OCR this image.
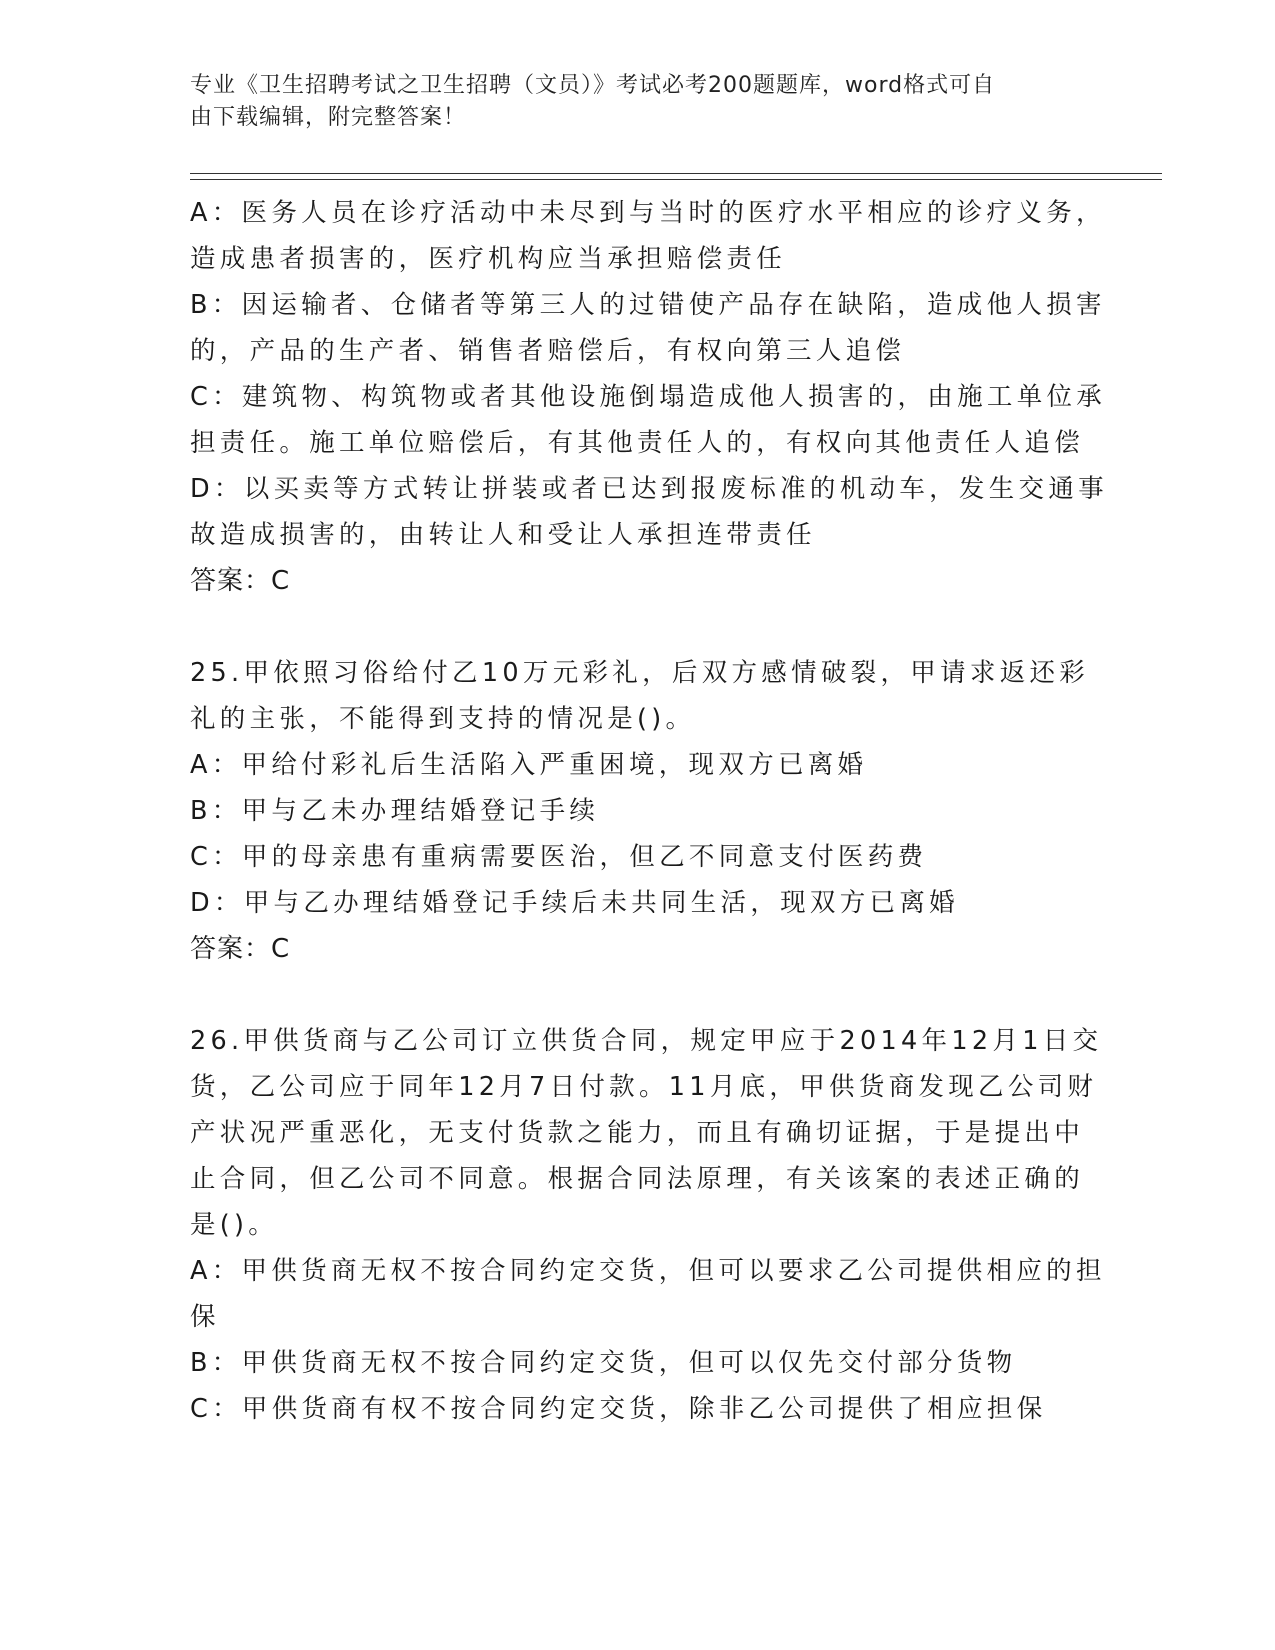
专业《卫生招聘考试之卫生招聘（文员）》考试必考200题题库，word格式可自
由下载编辑，附完整答案！
A：医务人员在诊疗活动中未尽到与当时的医疗水平相应的诊疗义务，
造成患者损害的，医疗机构应当承担赔偿责任
B：因运输者、仓储者等第三人的过错使产品存在缺陷，造成他人损害
的，产品的生产者、销售者赔偿后，有权向第三人追偿
C：建筑物、构筑物或者其他设施倒塌造成他人损害的，由施工单位承
担责任。施工单位赔偿后，有其他责任人的，有权向其他责任人追偿
D：以买卖等方式转让拼装或者已达到报废标准的机动车，发生交通事
故造成损害的，由转让人和受让人承担连带责任
答案：C
25.甲依照习俗给付乙10万元彩礼，后双方感情破裂，甲请求返还彩
礼的主张，不能得到支持的情况是()。
A：甲给付彩礼后生活陷入严重困境，现双方已离婚
B：甲与乙未办理结婚登记手续
C：甲的母亲患有重病需要医治，但乙不同意支付医药费
D：甲与乙办理结婚登记手续后未共同生活，现双方已离婚
答案：C
26.甲供货商与乙公司订立供货合同，规定甲应于2014年12月1日交
货，乙公司应于同年12月7日付款。11月底，甲供货商发现乙公司财
产状况严重恶化，无支付货款之能力，而且有确切证据，于是提出中
止合同，但乙公司不同意。根据合同法原理，有关该案的表述正确的
是()。
A：甲供货商无权不按合同约定交货，但可以要求乙公司提供相应的担
保
B：甲供货商无权不按合同约定交货，但可以仅先交付部分货物
C：甲供货商有权不按合同约定交货，除非乙公司提供了相应担保
